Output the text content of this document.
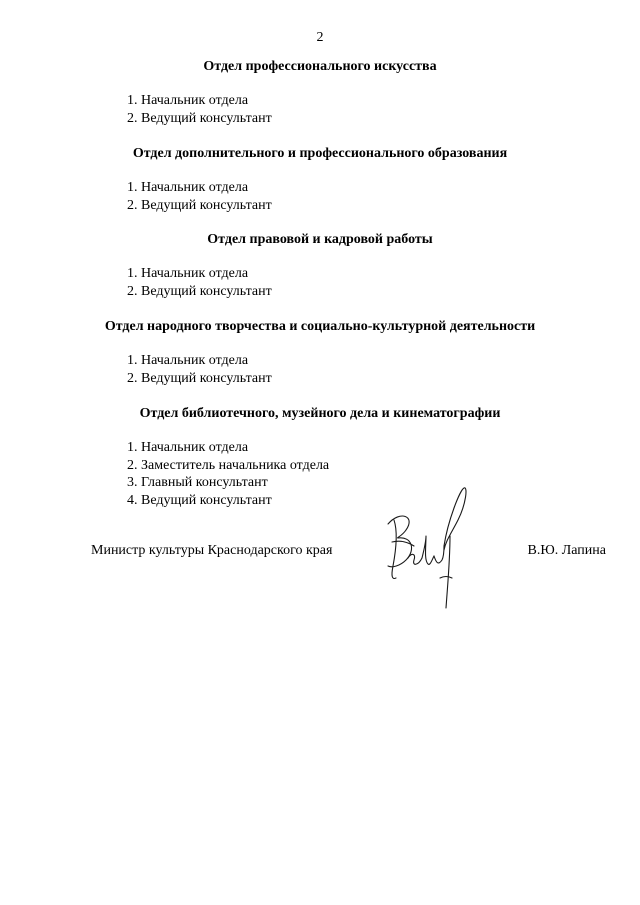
2

Отдел профессионального искусства

1. Начальник отдела
2. Ведущий консультант

Отдел дополнительного и профессионального образования

1. Начальник отдела
2. Ведущий консультант

Отдел правовой и кадровой работы

1. Начальник отдела
2. Ведущий консультант

Отдел народного творчества и социально-культурной деятельности

1. Начальник отдела
2. Ведущий консультант

Отдел библиотечного, музейного дела и кинематографии

1. Начальник отдела
2. Заместитель начальника отдела
3. Главный консультант
4. Ведущий консультант
Министр культуры Краснодарского края	В.Ю. Лапина
